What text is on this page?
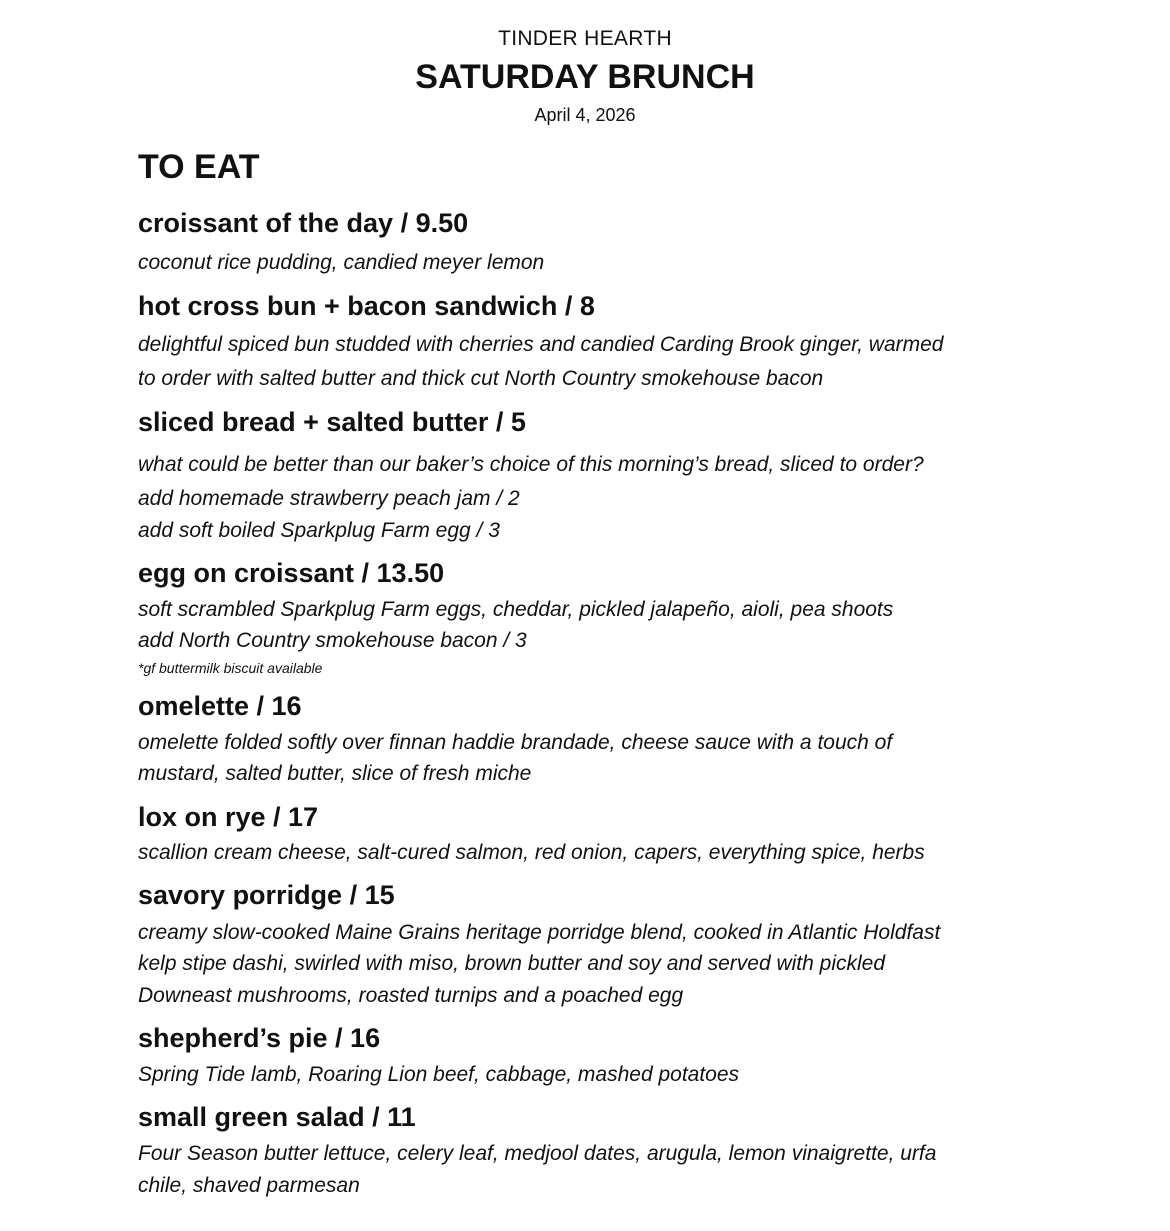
TINDER HEARTH
SATURDAY BRUNCH
April 4, 2026
TO EAT
croissant of the day / 9.50
coconut rice pudding, candied meyer lemon
hot cross bun + bacon sandwich / 8
delightful spiced bun studded with cherries and candied Carding Brook ginger, warmed
to order with salted butter and thick cut North Country smokehouse bacon
sliced bread + salted butter / 5
what could be better than our baker’s choice of this morning’s bread, sliced to order?
add homemade strawberry peach jam / 2
add soft boiled Sparkplug Farm egg / 3
egg on croissant / 13.50
soft scrambled Sparkplug Farm eggs, cheddar, pickled jalapeño, aioli, pea shoots
add North Country smokehouse bacon / 3
*gf buttermilk biscuit available
omelette / 16
omelette folded softly over finnan haddie brandade, cheese sauce with a touch of
mustard, salted butter, slice of fresh miche
lox on rye / 17
scallion cream cheese, salt-cured salmon, red onion, capers, everything spice, herbs
savory porridge / 15
creamy slow-cooked Maine Grains heritage porridge blend, cooked in Atlantic Holdfast
kelp stipe dashi, swirled with miso, brown butter and soy and served with pickled
Downeast mushrooms, roasted turnips and a poached egg
shepherd’s pie / 16
Spring Tide lamb, Roaring Lion beef, cabbage, mashed potatoes
small green salad / 11
Four Season butter lettuce, celery leaf, medjool dates, arugula, lemon vinaigrette, urfa
chile, shaved parmesan
